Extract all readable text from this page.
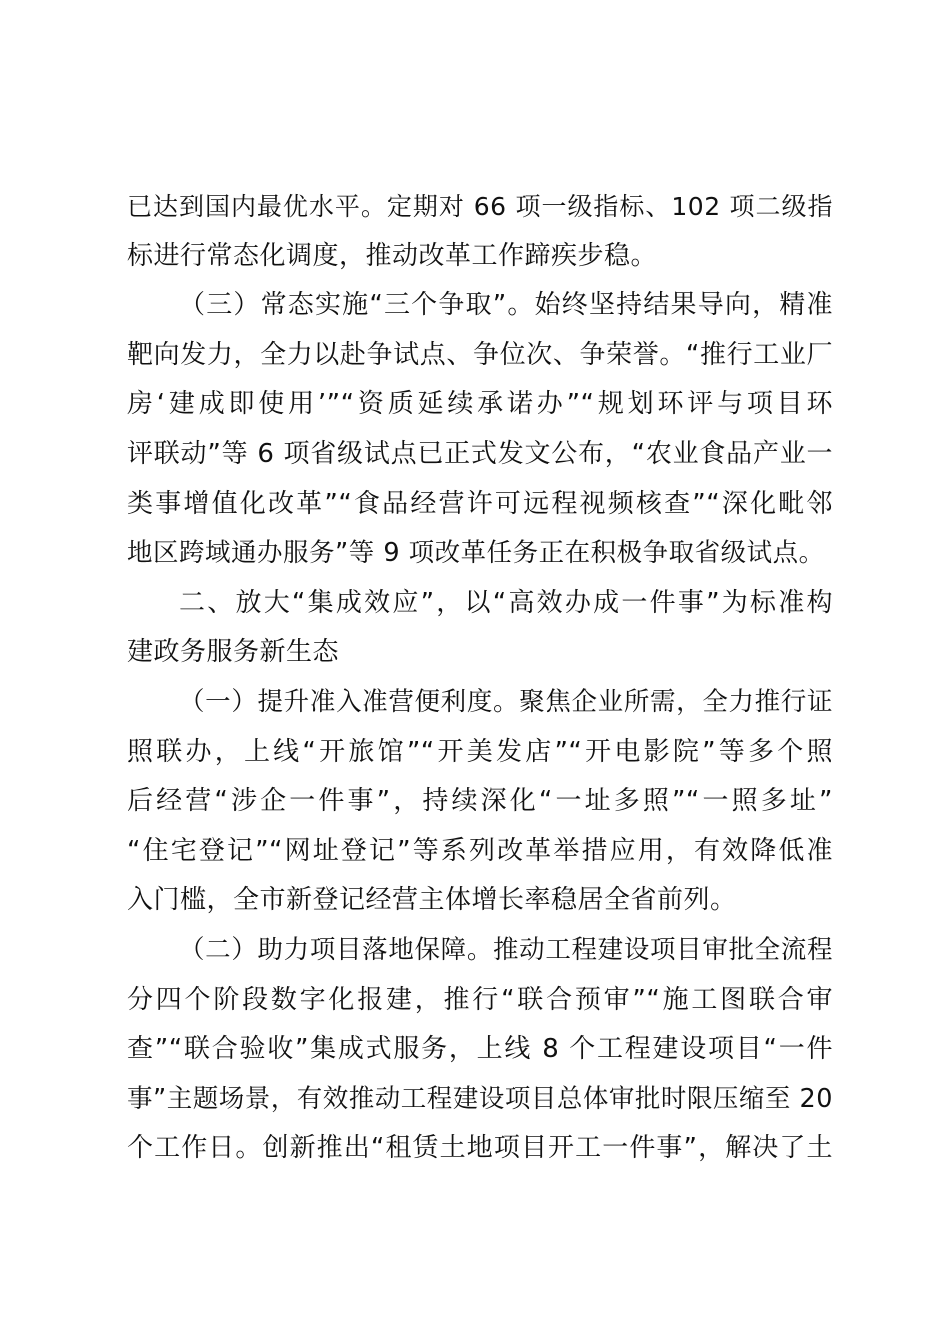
已达到国内最优水平。定期对 66 项一级指标、102 项二级指
标进行常态化调度，推动改革工作蹄疾步稳。
（三）常态实施“三个争取”。始终坚持结果导向，精准
靶向发力，全力以赴争试点、争位次、争荣誉。“推行工业厂
房‘建成即使用’”“资质延续承诺办”“规划环评与项目环
评联动”等 6 项省级试点已正式发文公布，“农业食品产业一
类事增值化改革”“食品经营许可远程视频核查”“深化毗邻
地区跨域通办服务”等 9 项改革任务正在积极争取省级试点。
二、放大“集成效应”，以“高效办成一件事”为标准构
建政务服务新生态
（一）提升准入准营便利度。聚焦企业所需，全力推行证
照联办，上线“开旅馆”“开美发店”“开电影院”等多个照
后经营“涉企一件事”，持续深化“一址多照”“一照多址”
“住宅登记”“网址登记”等系列改革举措应用，有效降低准
入门槛，全市新登记经营主体增长率稳居全省前列。
（二）助力项目落地保障。推动工程建设项目审批全流程
分四个阶段数字化报建，推行“联合预审”“施工图联合审
查”“联合验收”集成式服务，上线 8 个工程建设项目“一件
事”主题场景，有效推动工程建设项目总体审批时限压缩至 20
个工作日。创新推出“租赁土地项目开工一件事”，解决了土
